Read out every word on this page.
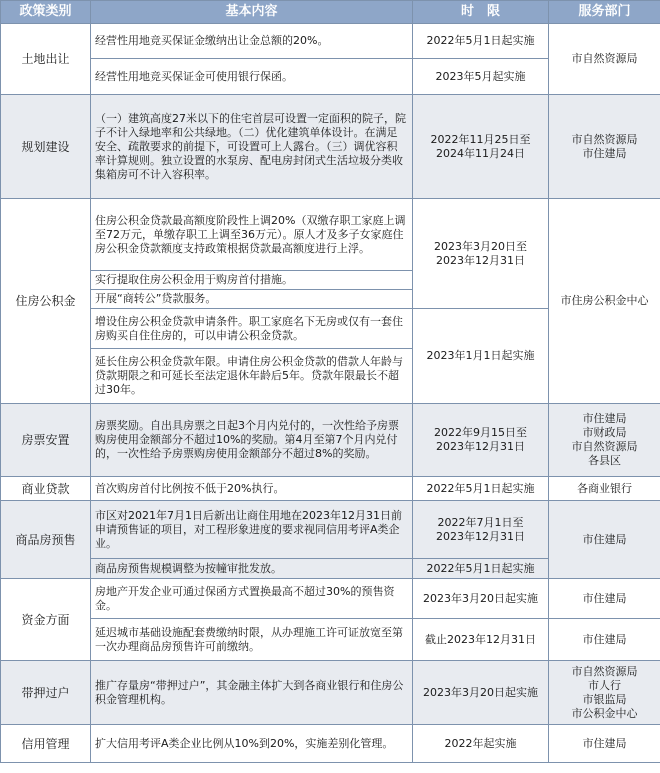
政策类别	基本内容	时　限	服务部门
土地出让	经营性用地竞买保证金缴纳出让金总额的20%。	2022年5月1日起实施	市自然资源局
	经营性用地竞买保证金可使用银行保函。	2023年5月起实施	
规划建设	（一）建筑高度27米以下的住宅首层可设置一定面积的院子，院子不计入绿地率和公共绿地。（二）优化建筑单体设计。在满足安全、疏散要求的前提下，可设置可上人露台。（三）调优容积率计算规则。独立设置的水泵房、配电房封闭式生活垃圾分类收集箱房可不计入容积率。	2022年11月25日至
2024年11月24日	市自然资源局
市住建局

住房公积金	住房公积金贷款最高额度阶段性上调20%（双缴存职工家庭上调至72万元，单缴存职工上调至36万元）。原人才及多子女家庭住房公积金贷款额度支持政策根据贷款最高额度进行上浮。	2023年3月20日至
2023年12月31日	市住房公积金中心
	实行提取住房公积金用于购房首付措施。		
	开展“商转公”贷款服务。		
	增设住房公积金贷款申请条件。职工家庭名下无房或仅有一套住房购买自住住房的，可以申请公积金贷款。	2023年1月1日起实施	
	延长住房公积金贷款年限。申请住房公积金贷款的借款人年龄与贷款期限之和可延长至法定退休年龄后5年。贷款年限最长不超过30年。		
房票安置	房票奖励。自出具房票之日起3个月内兑付的，一次性给予房票购房使用金额部分不超过10%的奖励。第4月至第7个月内兑付的，一次性给予房票购房使用金额部分不超过8%的奖励。	2022年9月15日至
2023年12月31日	市住建局
市财政局
市自然资源局
各县区

商业贷款	首次购房首付比例按不低于20%执行。	2022年5月1日起实施	各商业银行
商品房预售	市区对2021年7月1日后新出让商住用地在2023年12月31日前申请预售证的项目，对工程形象进度的要求视同信用考评A类企业。	2022年7月1日至
2023年12月31日	市住建局
	商品房预售规模调整为按幢审批发放。	2022年5月1日起实施	
资金方面	房地产开发企业可通过保函方式置换最高不超过30%的预售资金。	2023年3月20日起实施	市住建局
	延迟城市基础设施配套费缴纳时限，从办理施工许可证放宽至第一次办理商品房预售许可前缴纳。	截止2023年12月31日	市住建局
带押过户	推广存量房“带押过户”，其金融主体扩大到各商业银行和住房公积金管理机构。	2023年3月20日起实施	市自然资源局
市人行
市银监局
市公积金中心

信用管理	扩大信用考评A类企业比例从10%到20%，实施差别化管理。	2022年起实施	市住建局
